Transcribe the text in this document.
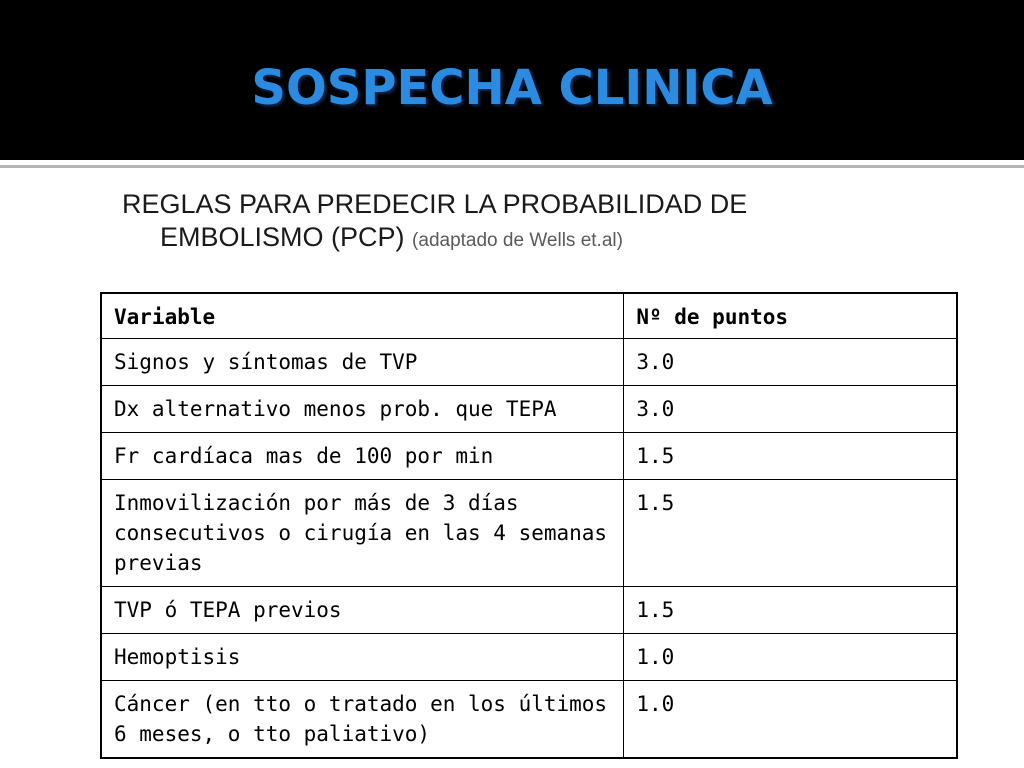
SOSPECHA CLINICA
REGLAS PARA PREDECIR LA PROBABILIDAD DE
EMBOLISMO (PCP) (adaptado de Wells et.al)
Variable	Nº de puntos
Signos y síntomas de TVP	3.0
Dx alternativo menos prob. que TEPA	3.0
Fr cardíaca mas de 100 por min	1.5
Inmovilización por más de 3 días consecutivos o cirugía en las 4 semanas previas	1.5
TVP ó TEPA previos	1.5
Hemoptisis	1.0
Cáncer (en tto o tratado en los últimos 6 meses, o tto paliativo)	1.0
